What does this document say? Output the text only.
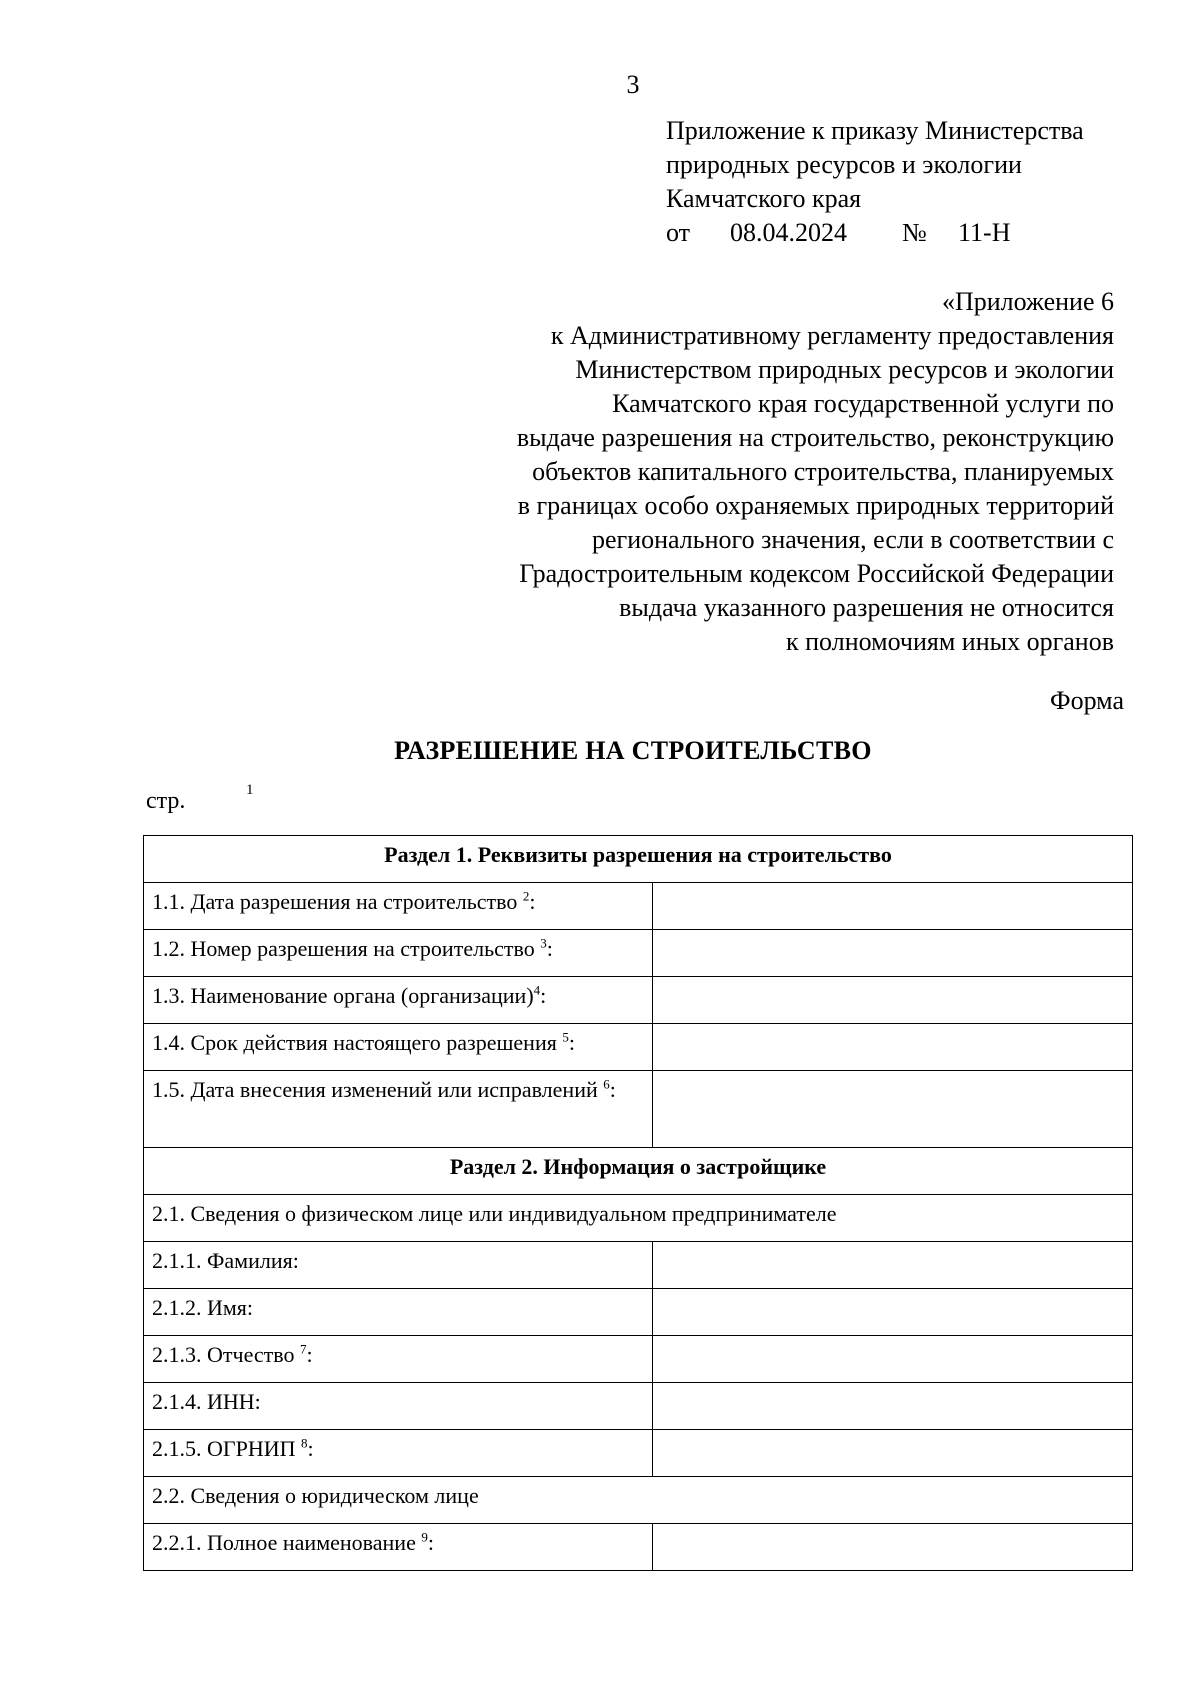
3
Приложение к приказу Министерства
природных ресурсов и экологии
Камчатского края
от 08.04.2024 № 11-Н
«Приложение 6
к Административному регламенту предоставления
Министерством природных ресурсов и экологии
Камчатского края государственной услуги по
выдаче разрешения на строительство, реконструкцию
объектов капитального строительства, планируемых
в границах особо охраняемых природных территорий
регионального значения, если в соответствии с
Градостроительным кодексом Российской Федерации
выдача указанного разрешения не относится
к полномочиям иных органов
Форма
РАЗРЕШЕНИЕ НА СТРОИТЕЛЬСТВО
стр.	1
Раздел 1. Реквизиты разрешения на строительство	
1.1. Дата разрешения на строительство $^2$:	
1.2. Номер разрешения на строительство $^3$:	
1.3. Наименование органа (организации)$^4$:	
1.4. Срок действия настоящего разрешения $^5$:	
1.5. Дата внесения изменений или исправлений $^6$:	
Раздел 2. Информация о застройщике	
2.1. Сведения о физическом лице или индивидуальном предпринимателе	
2.1.1. Фамилия:	
2.1.2. Имя:	
2.1.3. Отчество $^7$:	
2.1.4. ИНН:	
2.1.5. ОГРНИП $^8$:	
2.2. Сведения о юридическом лице	
2.2.1. Полное наименование $^9$:	
